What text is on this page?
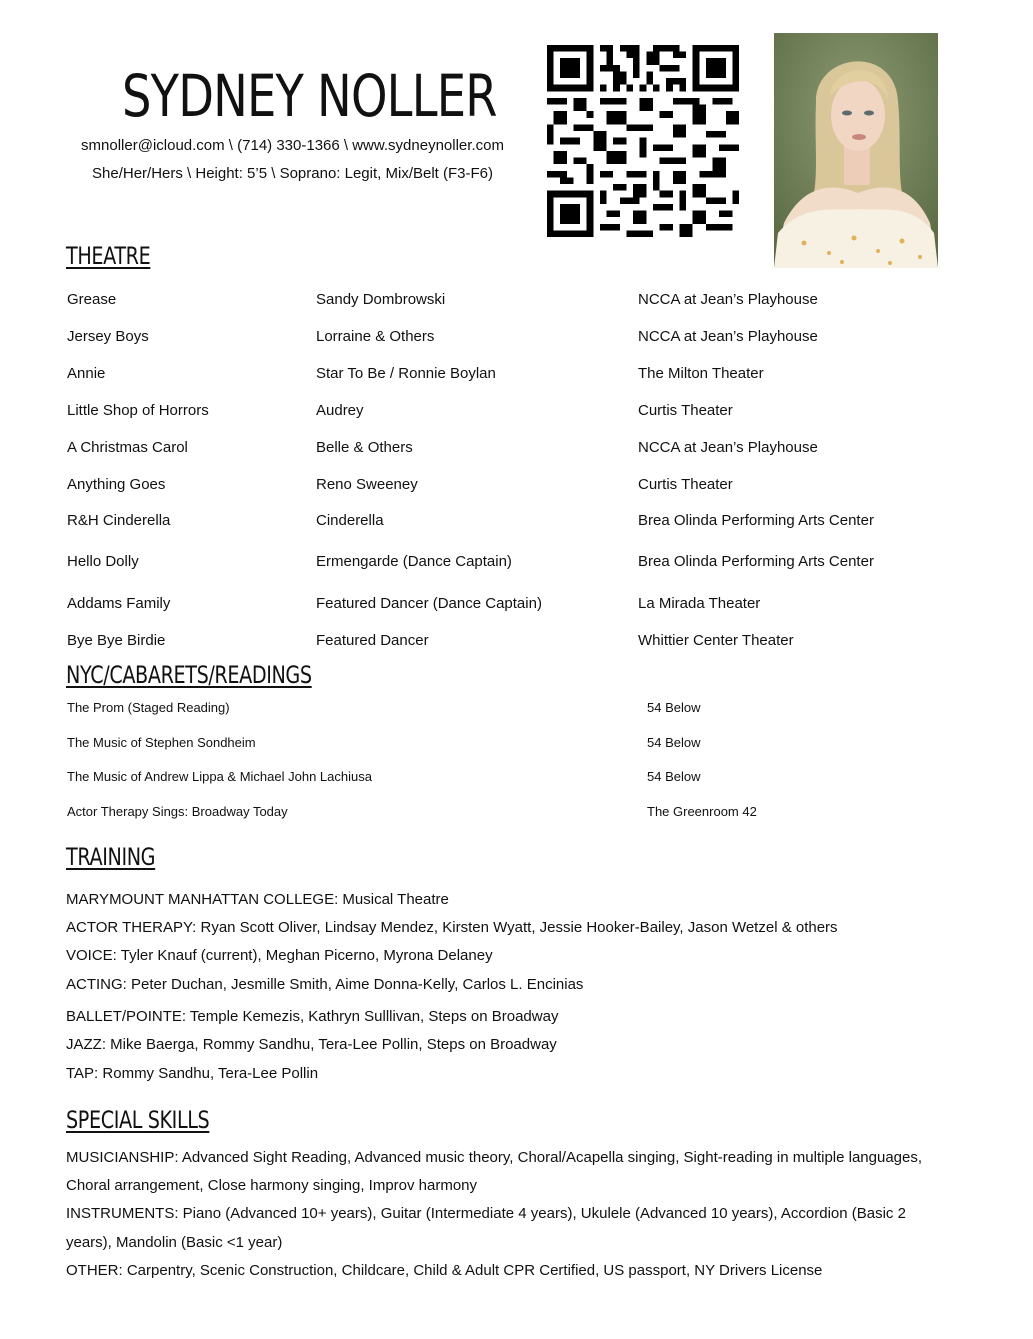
SYDNEY NOLLER
smnoller@icloud.com \ (714) 330-1366 \ www.sydneynoller.com
She/Her/Hers \ Height: 5’5 \ Soprano: Legit, Mix/Belt (F3-F6)
THEATRE
Grease	Sandy Dombrowski	NCCA at Jean’s Playhouse
Jersey Boys	Lorraine & Others	NCCA at Jean’s Playhouse
Annie	Star To Be / Ronnie Boylan	The Milton Theater
Little Shop of Horrors	Audrey	Curtis Theater
A Christmas Carol	Belle & Others	NCCA at Jean’s Playhouse
Anything Goes	Reno Sweeney	Curtis Theater
R&H Cinderella	Cinderella	Brea Olinda Performing Arts Center
Hello Dolly	Ermengarde (Dance Captain)	Brea Olinda Performing Arts Center
Addams Family	Featured Dancer (Dance Captain)	La Mirada Theater
Bye Bye Birdie	Featured Dancer	Whittier Center Theater
NYC/CABARETS/READINGS
The Prom (Staged Reading)	54 Below
The Music of Stephen Sondheim	54 Below
The Music of Andrew Lippa & Michael John Lachiusa	54 Below
Actor Therapy Sings: Broadway Today	The Greenroom 42
TRAINING
MARYMOUNT MANHATTAN COLLEGE: Musical Theatre
ACTOR THERAPY: Ryan Scott Oliver, Lindsay Mendez, Kirsten Wyatt, Jessie Hooker-Bailey, Jason Wetzel & others
VOICE: Tyler Knauf (current), Meghan Picerno, Myrona Delaney
ACTING: Peter Duchan, Jesmille Smith, Aime Donna-Kelly, Carlos L. Encinias
BALLET/POINTE: Temple Kemezis, Kathryn Sulllivan, Steps on Broadway
JAZZ: Mike Baerga, Rommy Sandhu, Tera-Lee Pollin, Steps on Broadway
TAP: Rommy Sandhu, Tera-Lee Pollin
SPECIAL SKILLS
MUSICIANSHIP: Advanced Sight Reading, Advanced music theory, Choral/Acapella singing, Sight-reading in multiple languages,
Choral arrangement, Close harmony singing, Improv harmony
INSTRUMENTS: Piano (Advanced 10+ years), Guitar (Intermediate 4 years), Ukulele (Advanced 10 years), Accordion (Basic 2
years), Mandolin (Basic <1 year)
OTHER: Carpentry, Scenic Construction, Childcare, Child & Adult CPR Certified, US passport, NY Drivers License
